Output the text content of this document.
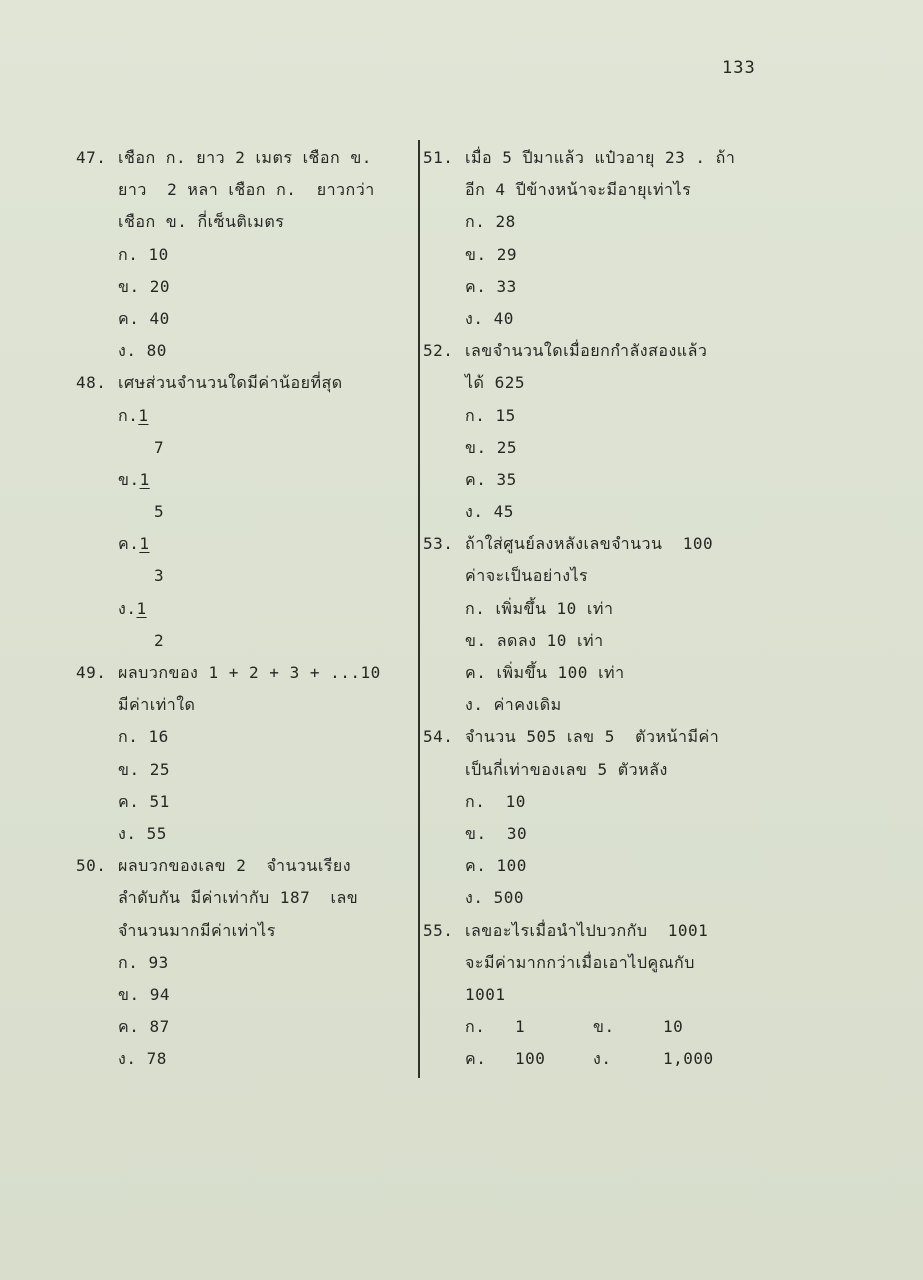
133
47. เชือก ก. ยาว 2 เมตร เชือก ข.
ยาว  2 หลา เชือก ก.  ยาวกว่า
เชือก ข. กี่เซ็นติเมตร
ก. 10
ข. 20
ค. 40
ง. 80
48. เศษส่วนจำนวนใดมีค่าน้อยที่สุด
ก.1
7
ข.1
5
ค.1
3
ง.1
2
49. ผลบวกของ 1 + 2 + 3 + ...10
มีค่าเท่าใด
ก. 16
ข. 25
ค. 51
ง. 55
50. ผลบวกของเลข 2  จำนวนเรียง
ลำดับกัน มีค่าเท่ากับ 187  เลข
จำนวนมากมีค่าเท่าไร
ก. 93
ข. 94
ค. 87
ง. 78
51. เมื่อ 5 ปีมาแล้ว แป๋วอายุ 23 . ถ้า
อีก 4 ปีข้างหน้าจะมีอายุเท่าไร
ก. 28
ข. 29
ค. 33
ง. 40
52. เลขจำนวนใดเมื่อยกกำลังสองแล้ว
ได้ 625
ก. 15
ข. 25
ค. 35
ง. 45
53. ถ้าใส่ศูนย์ลงหลังเลขจำนวน  100
ค่าจะเป็นอย่างไร
ก. เพิ่มขึ้น 10 เท่า
ข. ลดลง 10 เท่า
ค. เพิ่มขึ้น 100 เท่า
ง. ค่าคงเดิม
54. จำนวน 505 เลข 5  ตัวหน้ามีค่า
เป็นกี่เท่าของเลข 5 ตัวหลัง
ก.  10
ข.  30
ค. 100
ง. 500
55. เลขอะไรเมื่อนำไปบวกกับ  1001
จะมีค่ามากกว่าเมื่อเอาไปคูณกับ
1001
ก. 1	ข.	10
ค. 100	ง.	1,000
